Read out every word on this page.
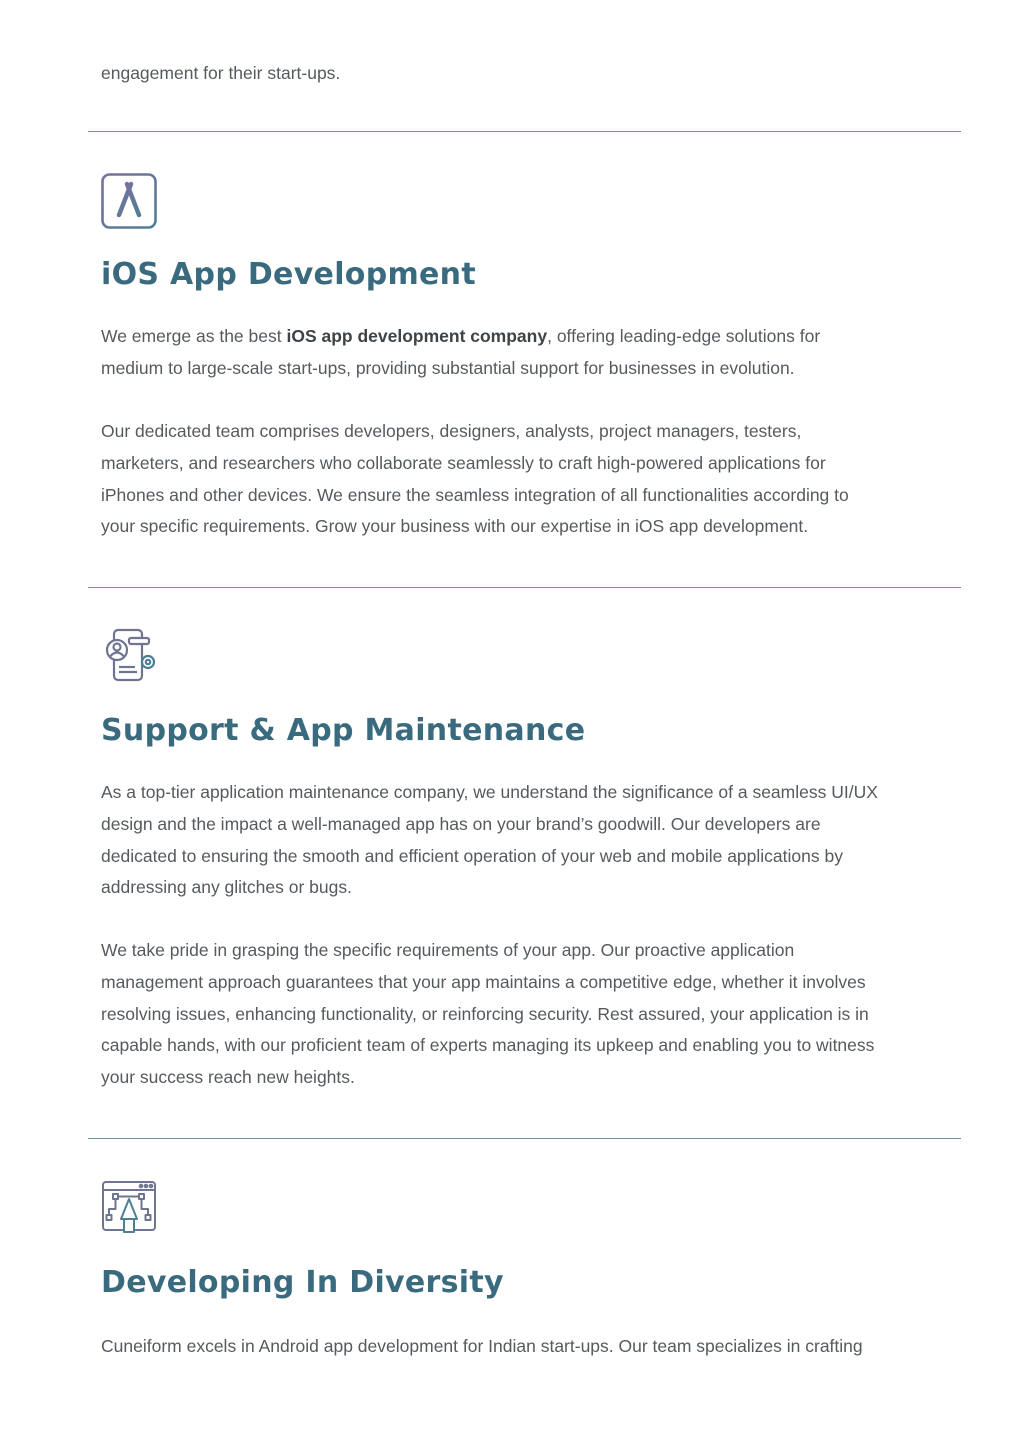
engagement for their start-ups.

iOS App Development

We emerge as the best iOS app development company, offering leading-edge solutions for
medium to large-scale start-ups, providing substantial support for businesses in evolution.

Our dedicated team comprises developers, designers, analysts, project managers, testers,
marketers, and researchers who collaborate seamlessly to craft high-powered applications for
iPhones and other devices. We ensure the seamless integration of all functionalities according to
your specific requirements. Grow your business with our expertise in iOS app development.

Support & App Maintenance

As a top-tier application maintenance company, we understand the significance of a seamless UI/UX
design and the impact a well-managed app has on your brand’s goodwill. Our developers are
dedicated to ensuring the smooth and efficient operation of your web and mobile applications by
addressing any glitches or bugs.

We take pride in grasping the specific requirements of your app. Our proactive application
management approach guarantees that your app maintains a competitive edge, whether it involves
resolving issues, enhancing functionality, or reinforcing security. Rest assured, your application is in
capable hands, with our proficient team of experts managing its upkeep and enabling you to witness
your success reach new heights.

Developing In Diversity

Cuneiform excels in Android app development for Indian start-ups. Our team specializes in crafting
